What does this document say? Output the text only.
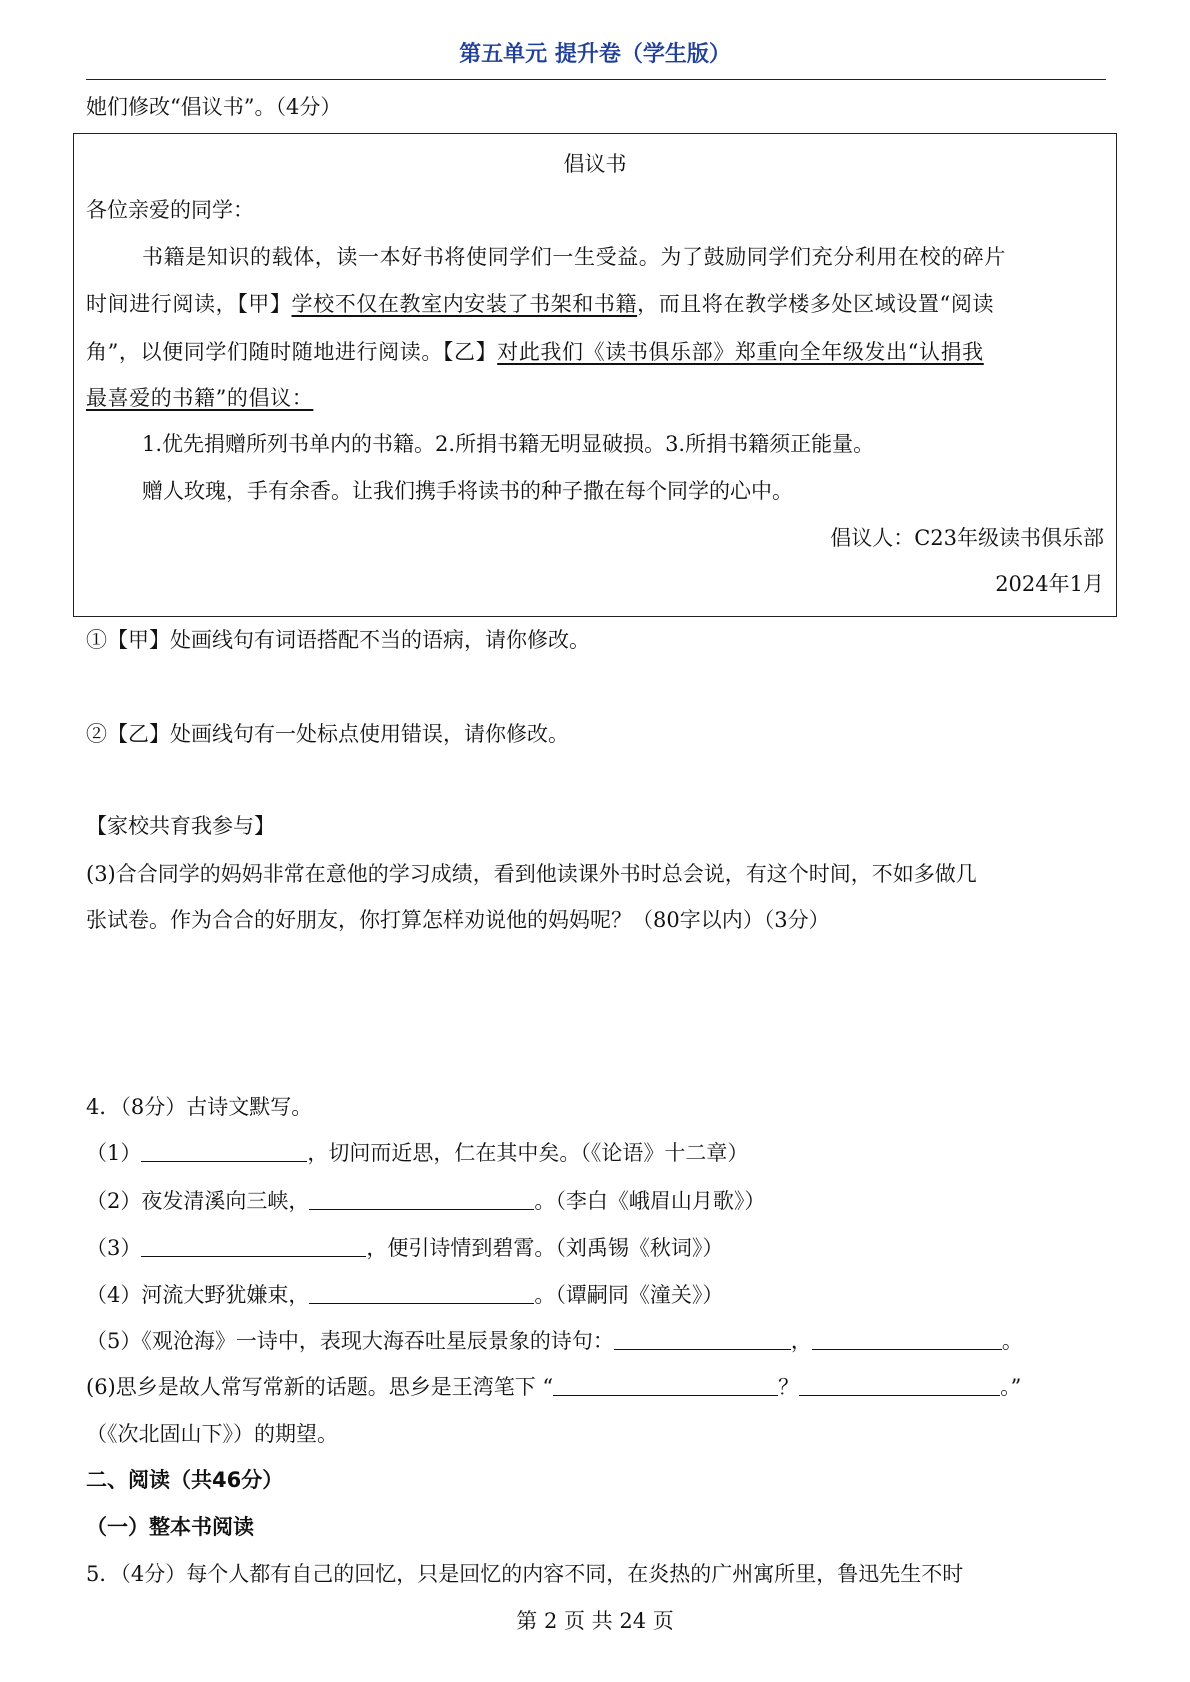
第五单元 提升卷（学生版）
她们修改“倡议书”。（4分）
倡议书
各位亲爱的同学：
书籍是知识的载体，读一本好书将使同学们一生受益。为了鼓励同学们充分利用在校的碎片
时间进行阅读，【甲】学校不仅在教室内安装了书架和书籍，而且将在教学楼多处区域设置“阅读
角”，以便同学们随时随地进行阅读。【乙】对此我们《读书俱乐部》郑重向全年级发出“认捐我
最喜爱的书籍”的倡议：
1.优先捐赠所列书单内的书籍。2.所捐书籍无明显破损。3.所捐书籍须正能量。
赠人玫瑰，手有余香。让我们携手将读书的种子撒在每个同学的心中。
倡议人：C23年级读书俱乐部
2024年1月
①【甲】处画线句有词语搭配不当的语病，请你修改。
②【乙】处画线句有一处标点使用错误，请你修改。
【家校共育我参与】
(3)合合同学的妈妈非常在意他的学习成绩，看到他读课外书时总会说，有这个时间，不如多做几
张试卷。作为合合的好朋友，你打算怎样劝说他的妈妈呢？（80字以内）（3分）
4．（8分）古诗文默写。
（1）	，切问而近思，仁在其中矣。（《论语》十二章）
（2）夜发清溪向三峡，	。（李白《峨眉山月歌》）
（3）	，便引诗情到碧霄。（刘禹锡《秋词》）
（4）河流大野犹嫌束，	。（谭嗣同《潼关》）
（5）《观沧海》一诗中，表现大海吞吐星辰景象的诗句：	，	。
(6)思乡是故人常写常新的话题。思乡是王湾笔下 “	？	。”
（《次北固山下》）的期望。
二、阅读（共46分）
（一）整本书阅读
5．（4分）每个人都有自己的回忆，只是回忆的内容不同，在炎热的广州寓所里，鲁迅先生不时
第 2 页 共 24 页
